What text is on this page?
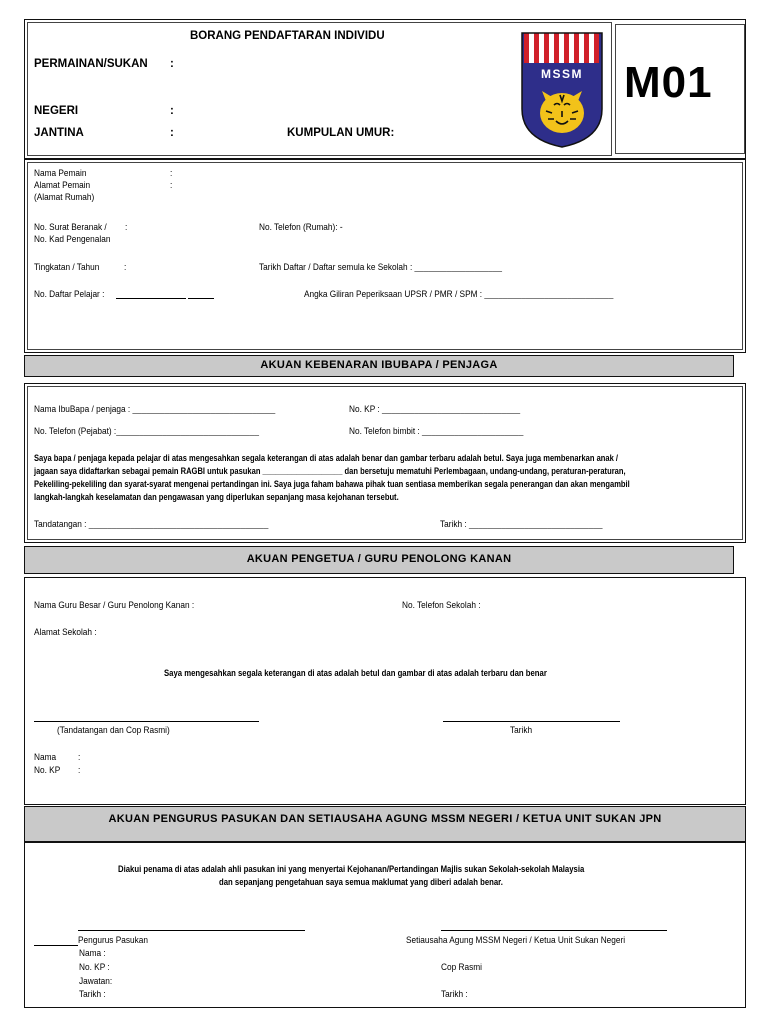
M01
BORANG PENDAFTARAN INDIVIDU
PERMAINAN/SUKAN :
NEGERI	:
JANTINA	:	KUMPULAN UMUR:
MSSM
Nama Pemain	:
Alamat Pemain	:
(Alamat Rumah)
No. Surat Beranak / :
No. Kad Pengenalan
No. Telefon (Rumah): -
Tingkatan / Tahun	:	Tarikh Daftar / Daftar semula ke Sekolah : ___________________
No. Daftar Pelajar :	Angka Giliran Peperiksaan UPSR / PMR / SPM : ____________________________
AKUAN KEBENARAN IBUBAPA / PENJAGA
Nama IbuBapa / penjaga : _______________________________	No. KP : ______________________________
No. Telefon (Pejabat) :_______________________________	No. Telefon bimbit : ______________________
Saya bapa / penjaga kepada pelajar di atas mengesahkan segala keterangan di atas adalah benar dan gambar terbaru adalah betul. Saya juga membenarkan anak /
jagaan saya didaftarkan sebagai pemain RAGBI untuk pasukan ___________________ dan bersetuju mematuhi Perlembagaan, undang-undang, peraturan-peraturan,
Pekeliling-pekeliling dan syarat-syarat mengenai pertandingan ini. Saya juga faham bahawa pihak tuan sentiasa memberikan segala penerangan dan akan mengambil
langkah-langkah keselamatan dan pengawasan yang diperlukan sepanjang masa kejohanan tersebut.
Tandatangan : _______________________________________	Tarikh : _____________________________
AKUAN PENGETUA / GURU PENOLONG KANAN
Nama Guru Besar / Guru Penolong Kanan :	No. Telefon Sekolah :
Alamat Sekolah :
Saya mengesahkan segala keterangan di atas adalah betul dan gambar di atas adalah terbaru dan benar
(Tandatangan dan Cop Rasmi)	Tarikh
Nama :
No. KP :
AKUAN PENGURUS PASUKAN DAN SETIAUSAHA AGUNG MSSM NEGERI / KETUA UNIT SUKAN JPN
Diakui penama di atas adalah ahli pasukan ini yang menyertai Kejohanan/Pertandingan Majlis sukan Sekolah-sekolah Malaysia
dan sepanjang pengetahuan saya semua maklumat yang diberi adalah benar.
Pengurus Pasukan	Setiausaha Agung MSSM Negeri / Ketua Unit Sukan Negeri
Nama :
No. KP :
Jawatan:
Tarikh :
Cop Rasmi
Tarikh :
